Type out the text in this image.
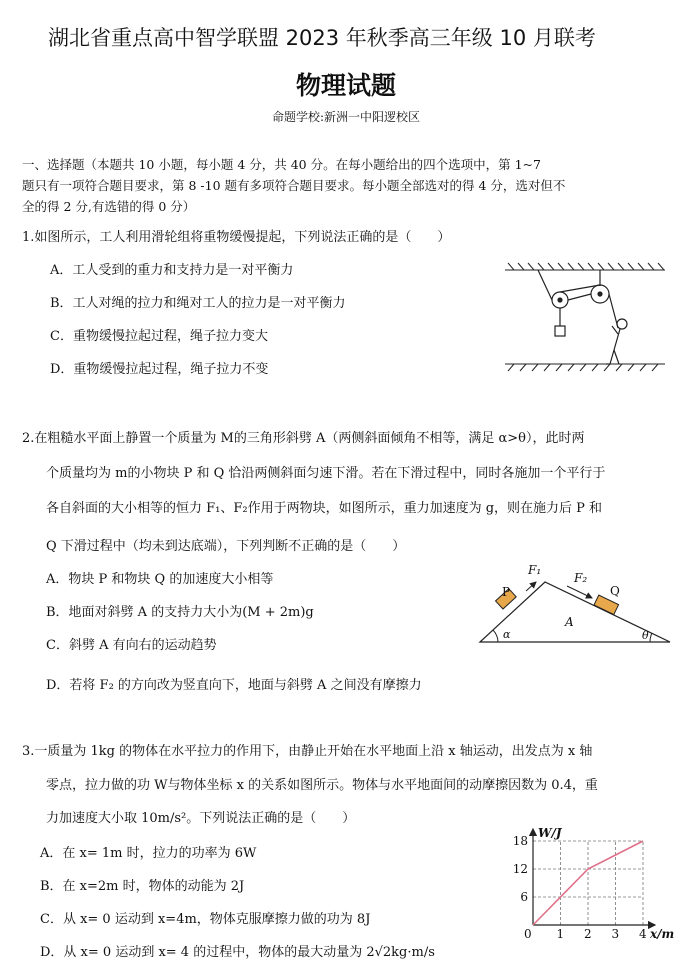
湖北省重点高中智学联盟 2023 年秋季高三年级 10 月联考
物理试题
命题学校:新洲一中阳逻校区
一、选择题（本题共 10 小题，每小题 4 分，共 40 分。在每小题给出的四个选项中，第 1~7
题只有一项符合题目要求，第 8 -10 题有多项符合题目要求。每小题全部选对的得 4 分，选对但不
全的得 2 分,有选错的得 0 分）
1.如图所示，工人利用滑轮组将重物缓慢提起，下列说法正确的是（　　）
A．工人受到的重力和支持力是一对平衡力
B．工人对绳的拉力和绳对工人的拉力是一对平衡力
C．重物缓慢拉起过程，绳子拉力变大
D．重物缓慢拉起过程，绳子拉力不变
2.在粗糙水平面上静置一个质量为 M的三角形斜劈 A（两侧斜面倾角不相等，满足 α>θ），此时两
个质量均为 m的小物块 P 和 Q 恰沿两侧斜面匀速下滑。若在下滑过程中，同时各施加一个平行于
各自斜面的大小相等的恒力 F₁、F₂作用于两物块，如图所示，重力加速度为 g，则在施力后 P 和
Q 下滑过程中（均未到达底端），下列判断不正确的是（　　）
A．物块 P 和物块 Q 的加速度大小相等
B．地面对斜劈 A 的支持力大小为(M + 2m)g
C．斜劈 A 有向右的运动趋势
D．若将 F₂ 的方向改为竖直向下，地面与斜劈 A 之间没有摩擦力
F₁
F₂
P	Q
A
α	θ
3.一质量为 1kg 的物体在水平拉力的作用下，由静止开始在水平地面上沿 x 轴运动，出发点为 x 轴
零点，拉力做的功 W与物体坐标 x 的关系如图所示。物体与水平地面间的动摩擦因数为 0.4，重
力加速度大小取 10m/s²。下列说法正确的是（　　）
A．在 x= 1m 时，拉力的功率为 6W
B．在 x=2m 时，物体的动能为 2J
C．从 x= 0 运动到 x=4m，物体克服摩擦力做的功为 8J
D．从 x= 0 运动到 x= 4 的过程中，物体的最大动量为 2√2kg·m/s
0 1 2 3 4
6
12
18
W/J
x/m
